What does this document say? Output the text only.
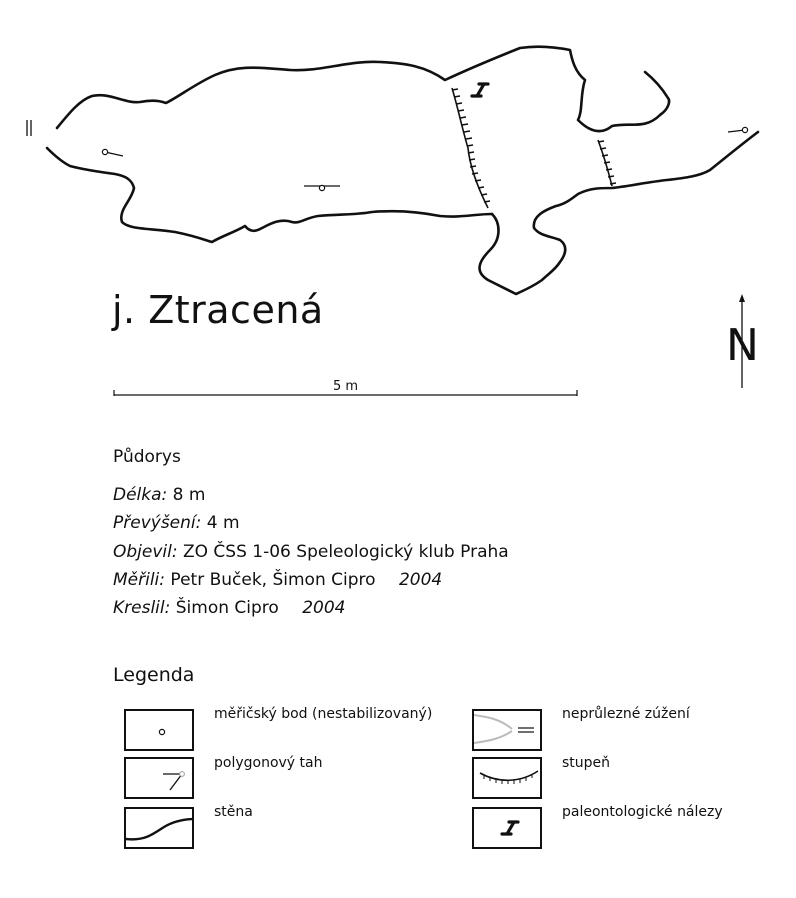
j. Ztracená
N
5 m
Půdorys
Délka: 8 m
Převýšení: 4 m
Objevil: ZO ČSS 1-06 Speleologický klub Praha
Měřili: Petr Buček, Šimon Cipro 2004
Kreslil: Šimon Cipro 2004
Legenda
měřičský bod (nestabilizovaný)
polygonový tah
stěna
neprůlezné zúžení
stupeň
paleontologické nálezy
